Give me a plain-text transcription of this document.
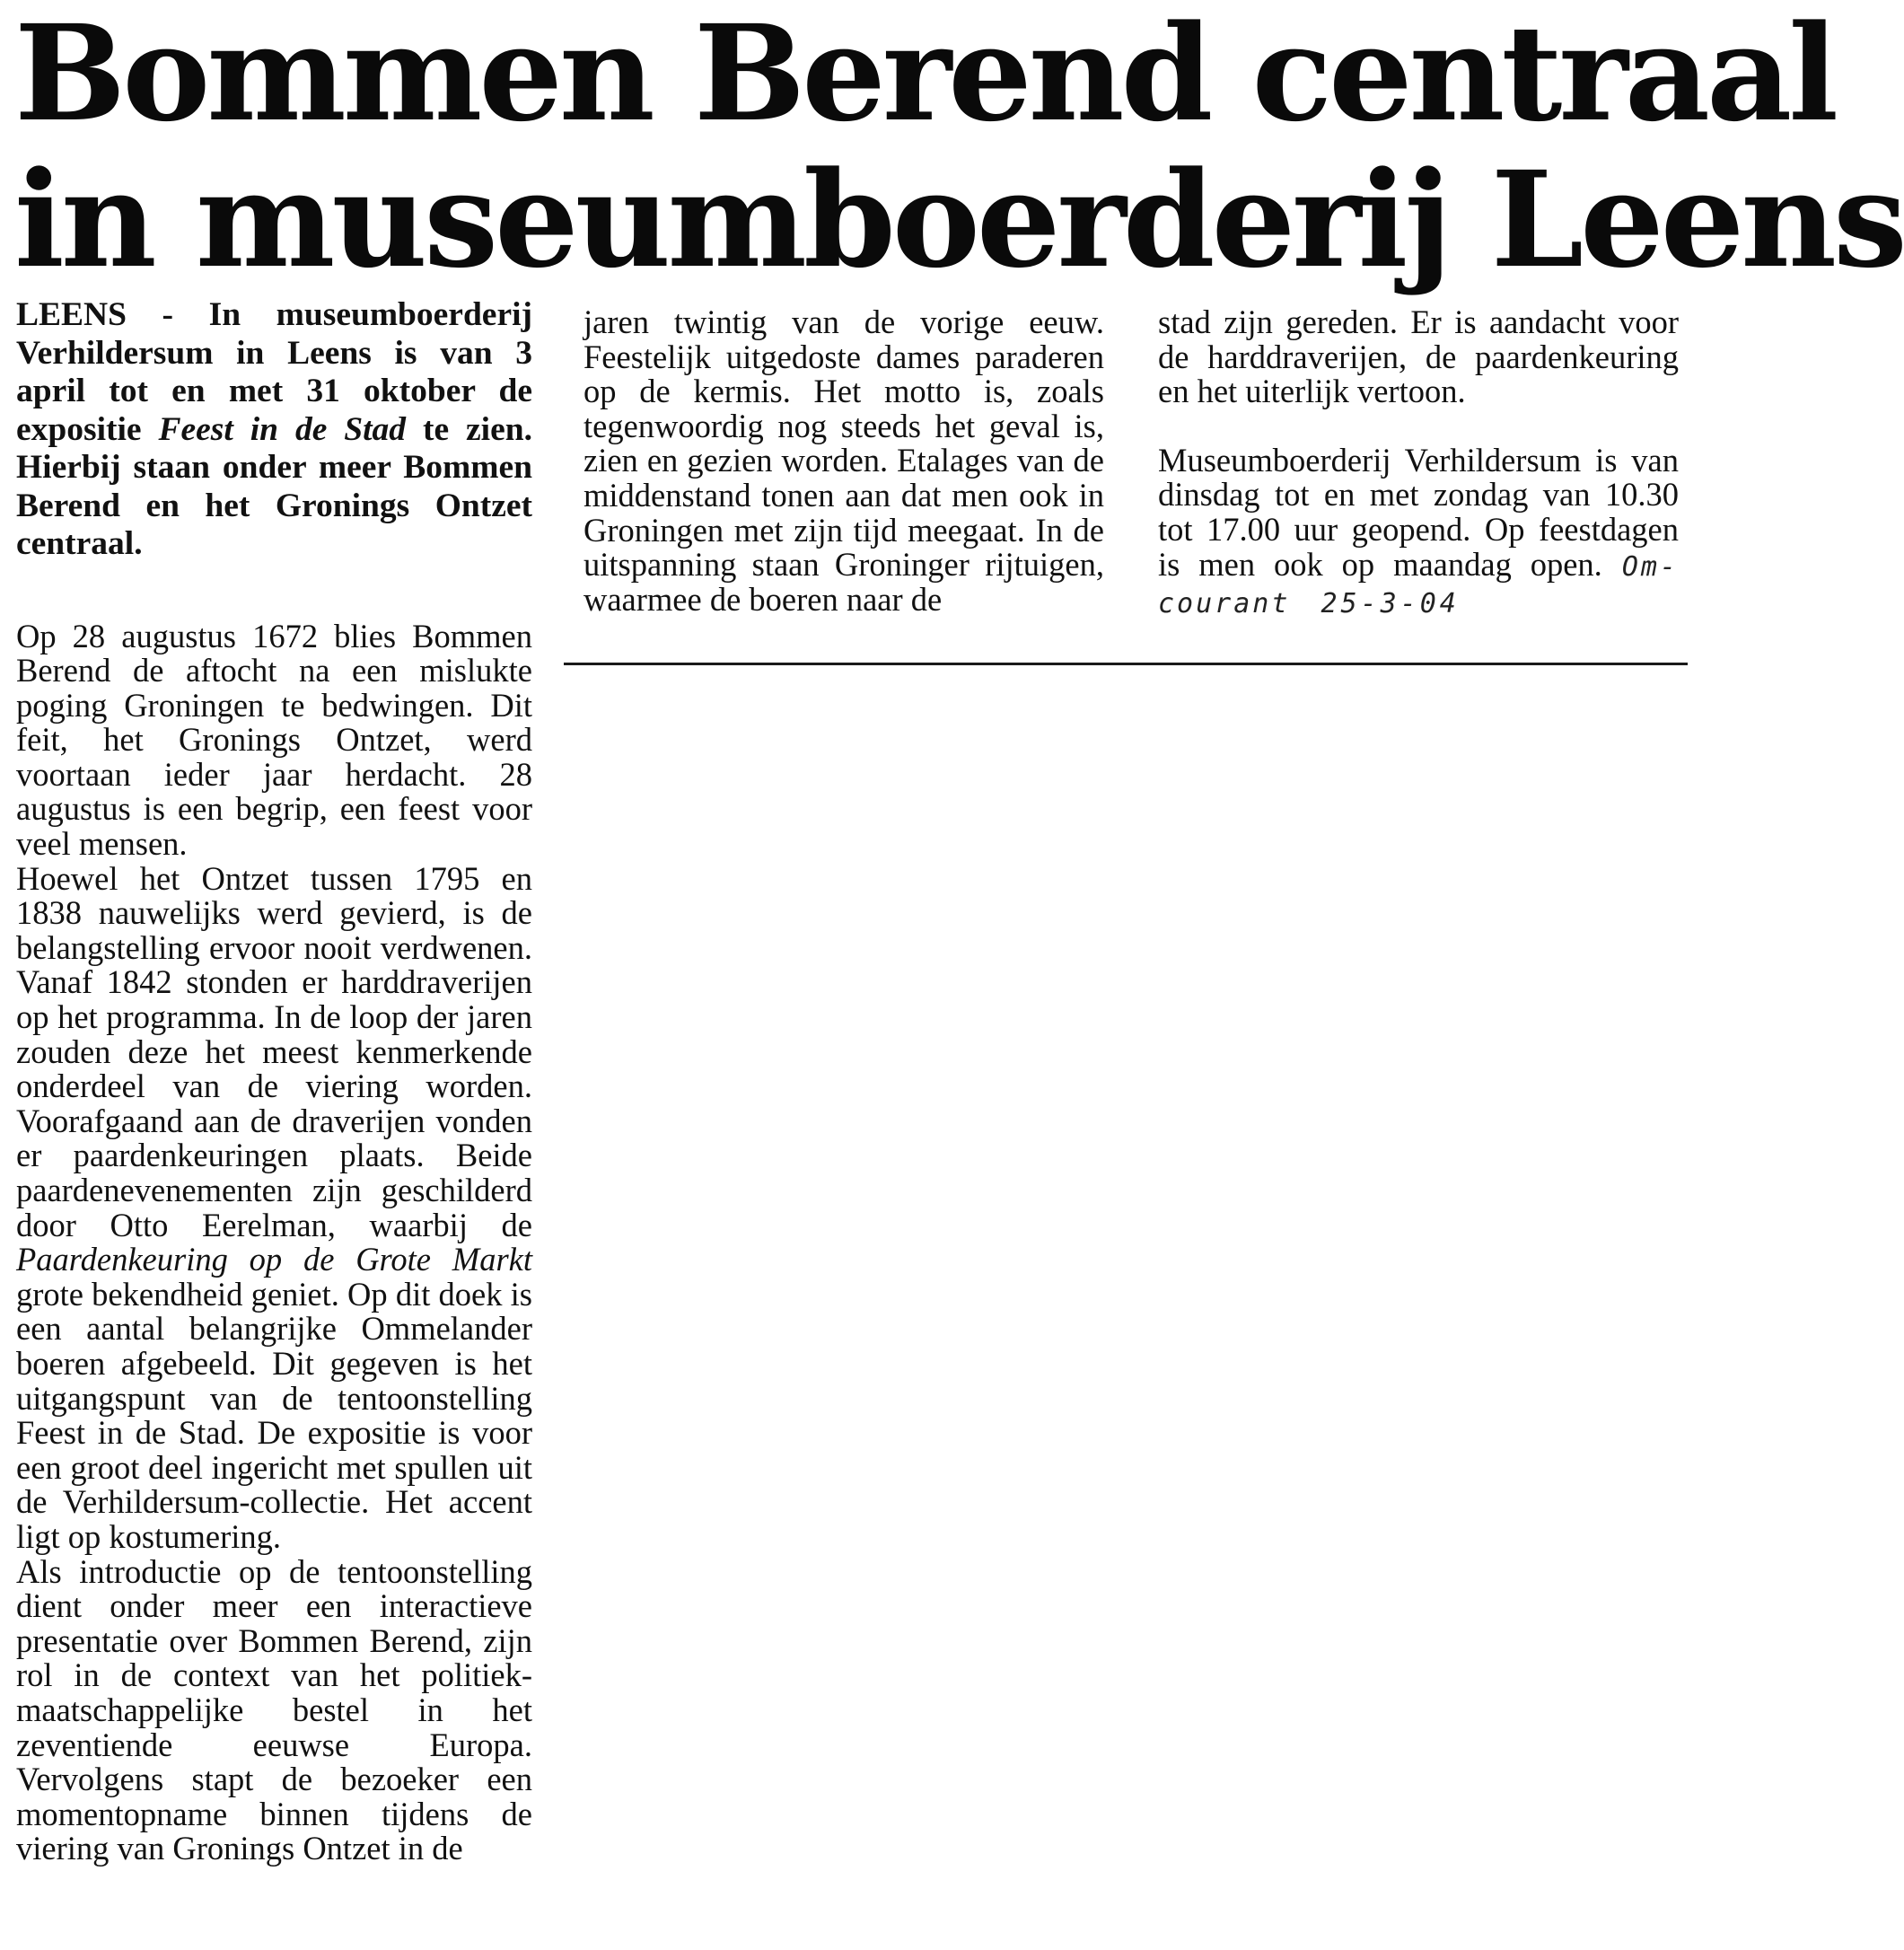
Bommen Berend centraal
in museumboerderij Leens

LEENS - In museumboerderij Verhildersum in Leens is van 3 april tot en met 31 oktober de expositie Feest in de Stad te zien. Hierbij staan onder meer Bommen Berend en het Gronings Ontzet centraal.

Op 28 augustus 1672 blies Bommen Berend de aftocht na een mislukte poging Groningen te bedwingen. Dit feit, het Gronings Ontzet, werd voortaan ieder jaar herdacht. 28 augustus is een begrip, een feest voor veel mensen.

Hoewel het Ontzet tussen 1795 en 1838 nauwelijks werd gevierd, is de belangstelling ervoor nooit verdwenen. Vanaf 1842 stonden er harddraverijen op het programma. In de loop der jaren zouden deze het meest kenmerkende onderdeel van de viering worden. Voorafgaand aan de draverijen vonden er paardenkeuringen plaats. Beide paardenevenementen zijn geschilderd door Otto Eerelman, waarbij de Paardenkeuring op de Grote Markt grote bekendheid geniet. Op dit doek is een aantal belangrijke Ommelander boeren afgebeeld. Dit gegeven is het uitgangspunt van de tentoonstelling Feest in de Stad. De expositie is voor een groot deel ingericht met spullen uit de Verhildersum-collectie. Het accent ligt op kostumering.

Als introductie op de tentoonstelling dient onder meer een interactieve presentatie over Bommen Berend, zijn rol in de context van het politiek-maatschappelijke bestel in het zeventiende eeuwse Europa. Vervolgens stapt de bezoeker een momentopname binnen tijdens de viering van Gronings Ontzet in de

jaren twintig van de vorige eeuw. Feestelijk uitgedoste dames paraderen op de kermis. Het motto is, zoals tegenwoordig nog steeds het geval is, zien en gezien worden. Etalages van de middenstand tonen aan dat men ook in Groningen met zijn tijd meegaat. In de uitspanning staan Groninger rijtuigen, waarmee de boeren naar de

stad zijn gereden. Er is aandacht voor de harddraverijen, de paardenkeuring en het uiterlijk vertoon.

Museumboerderij Verhildersum is van dinsdag tot en met zondag van 10.30 tot 17.00 uur geopend. Op feestdagen is men ook op maandag open. Om-courant 25-3-04
